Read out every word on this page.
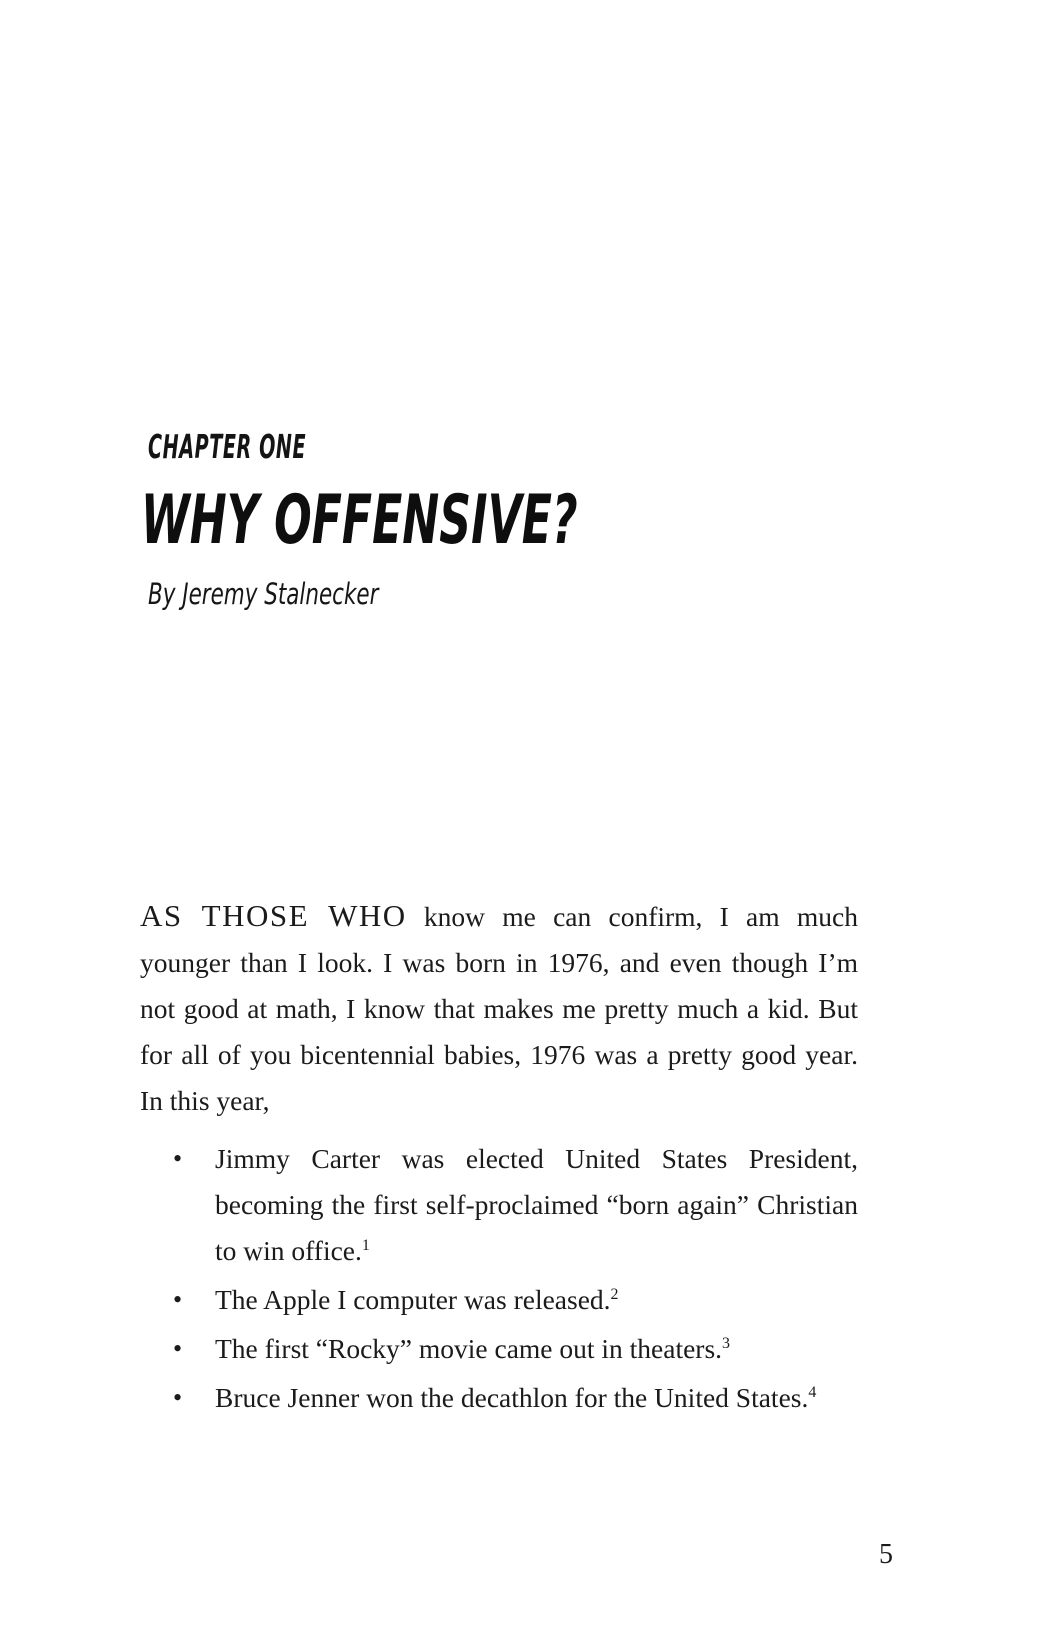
CHAPTER ONE
WHY OFFENSIVE?
By Jeremy Stalnecker

AS THOSE WHO know me can confirm, I am much younger than I look. I was born in 1976, and even though I’m not good at math, I know that makes me pretty much a kid. But for all of you bicentennial babies, 1976 was a pretty good year. In this year,

• Jimmy Carter was elected United States President, becoming the first self-proclaimed “born again” Christian to win office.$^1$
• The Apple I computer was released.$^2$
• The first “Rocky” movie came out in theaters.$^3$
• Bruce Jenner won the decathlon for the United States.$^4$
5
